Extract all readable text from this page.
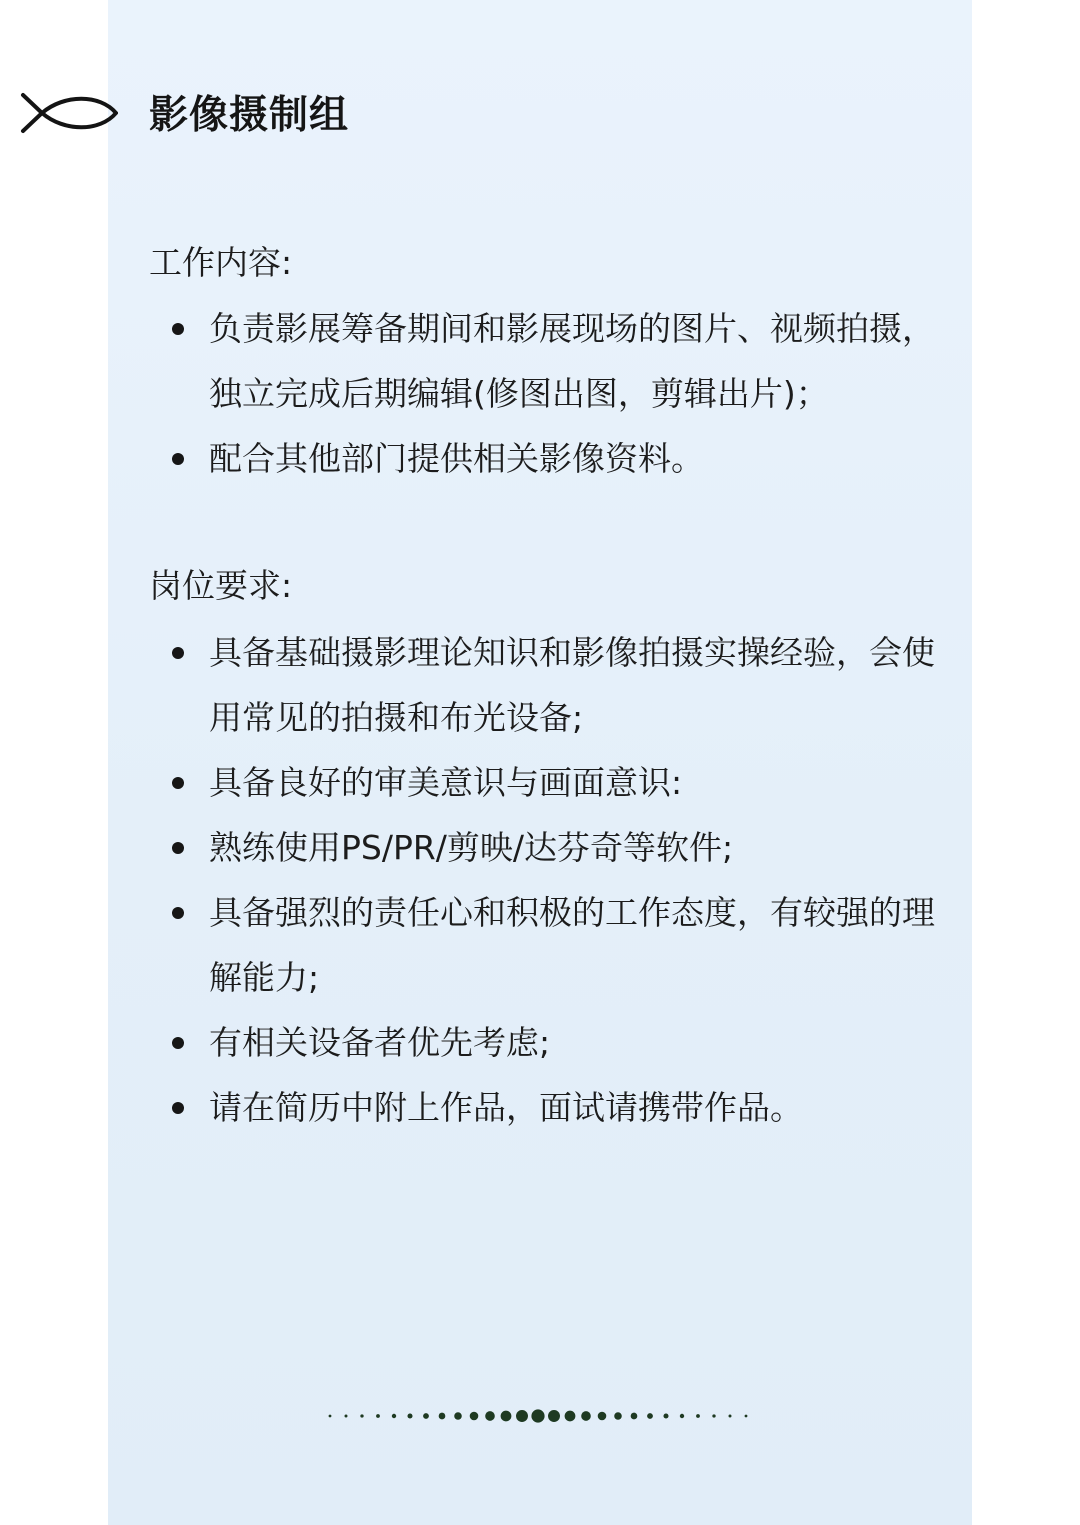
影像摄制组
工作内容:
负责影展筹备期间和影展现场的图片、视频拍摄，独立完成后期编辑(修图出图，剪辑出片)；
配合其他部门提供相关影像资料。
岗位要求:
具备基础摄影理论知识和影像拍摄实操经验，会使用常见的拍摄和布光设备;
具备良好的审美意识与画面意识:
熟练使用PS/PR/剪映/达芬奇等软件;
具备强烈的责任心和积极的工作态度，有较强的理解能力;
有相关设备者优先考虑;
请在简历中附上作品，面试请携带作品。
